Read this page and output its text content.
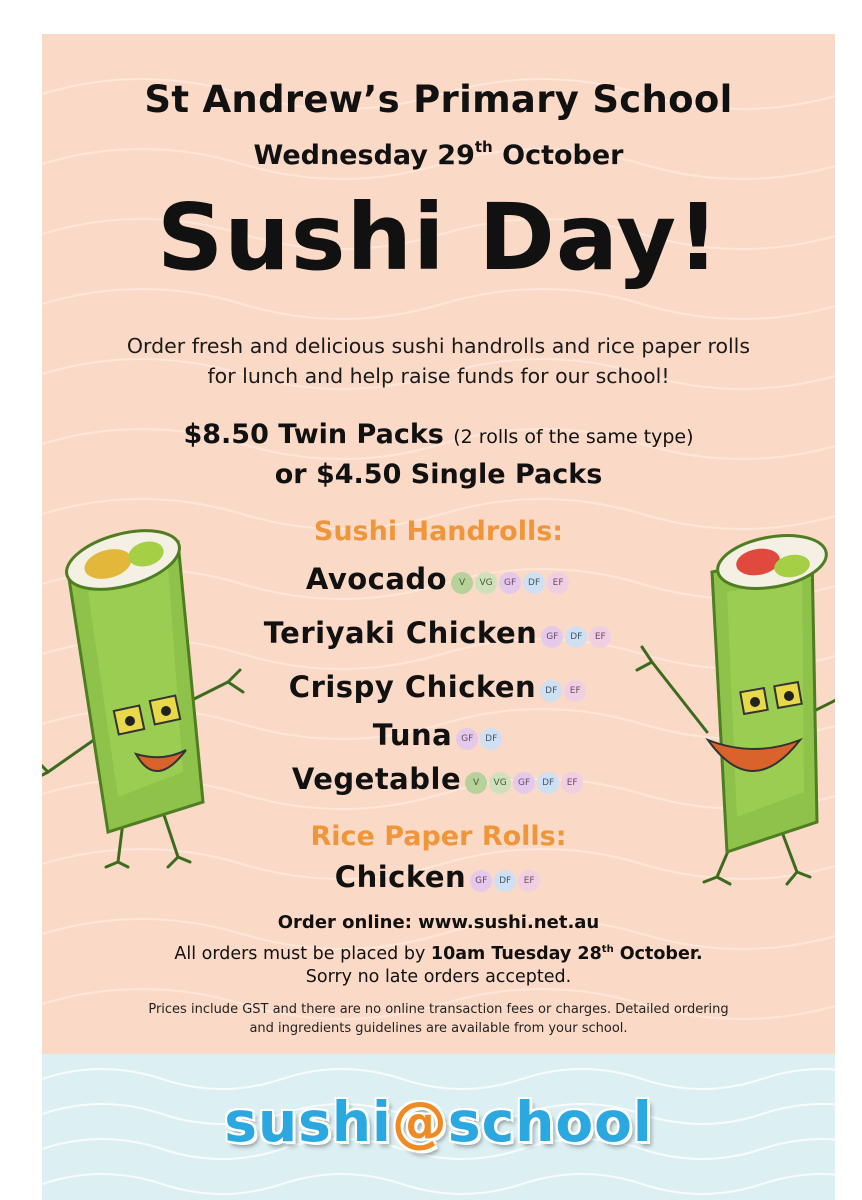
St Andrew’s Primary School
Wednesday 29th October
Sushi Day!
Order fresh and delicious sushi handrolls and rice paper rolls
for lunch and help raise funds for our school!
$8.50 Twin Packs (2 rolls of the same type)
or $4.50 Single Packs
Sushi Handrolls:
Avocado V VG GF DF EF
Teriyaki Chicken GF DF EF
Crispy Chicken DF EF
Tuna GF DF
Vegetable V VG GF DF EF
Rice Paper Rolls:
Chicken GF DF EF
Order online: www.sushi.net.au
All orders must be placed by 10am Tuesday 28th October.
Sorry no late orders accepted.
Prices include GST and there are no online transaction fees or charges. Detailed ordering
and ingredients guidelines are available from your school.
sushi@school
